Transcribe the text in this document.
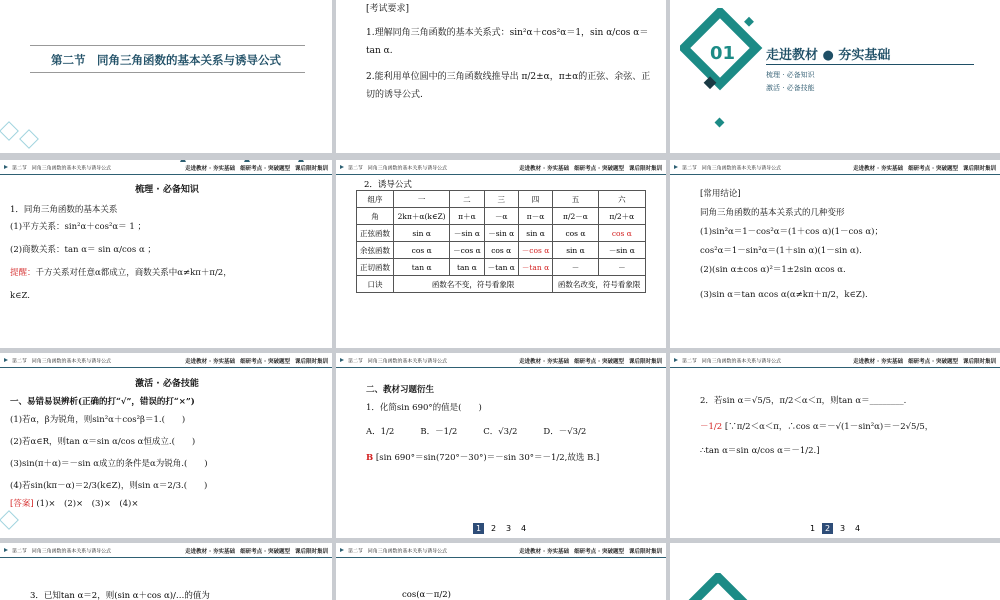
第二节　同角三角函数的基本关系与诱导公式
[考试要求]
1.理解同角三角函数的基本关系式：sin²α＋cos²α＝1，sin α/cos α＝tan α.
2.能利用单位圆中的三角函数线推导出 π/2±α，π±α的正弦、余弦、正切的诱导公式.
01 走进教材 ● 夯实基础
梳理 · 必备知识
激活 · 必备技能
第二节　同角三角函数的基本关系与诱导公式	走进教材 · 夯实基础 细研考点 · 突破题型 课后限时集训
梳理 · 必备知识
1．同角三角函数的基本关系
(1)平方关系：sin²α＋cos²α＝ 1 ；
(2)商数关系：tan α＝ sin α/cos α ；
提醒：千方关系对任意α都成立，商数关系中α≠kπ＋π/2，
k∈Z.
第二节　同角三角函数的基本关系与诱导公式	走进教材 · 夯实基础 细研考点 · 突破题型 课后限时集训
2．诱导公式
组序	一	二	三	四	五	六
角	2kπ＋α(k∈Z)	π＋α	－α	π－α	π/2－α	π/2＋α
正弦函数	sin α	－sin α	－sin α	sin α	cos α	cos α
余弦函数	cos α	－cos α	cos α	－cos α	sin α	－sin α
正切函数	tan α	tan α	－tan α	－tan α	－	－
口诀	函数名不变，符号看象限				函数名改变，符号看象限	
第二节　同角三角函数的基本关系与诱导公式	走进教材 · 夯实基础 细研考点 · 突破题型 课后限时集训
[常用结论]
同角三角函数的基本关系式的几种变形
(1)sin²α＝1－cos²α＝(1＋cos α)(1－cos α)；
cos²α＝1－sin²α＝(1＋sin α)(1－sin α).
(2)(sin α±cos α)²＝1±2sin αcos α.
(3)sin α＝tan αcos α(α≠kπ＋π/2，k∈Z).
第二节　同角三角函数的基本关系与诱导公式	走进教材 · 夯实基础 细研考点 · 突破题型 课后限时集训
激活 · 必备技能
一、易错易误辨析(正确的打“√”，错误的打“×”)
(1)若α，β为锐角，则sin²α＋cos²β＝1.(　　)
(2)若α∈R，则tan α＝sin α/cos α恒成立.(　　)
(3)sin(π＋α)＝－sin α成立的条件是α为锐角.(　　)
(4)若sin(kπ－α)＝2/3(k∈Z)，则sin α＝2/3.(　　)
[答案] (1)×　(2)×　(3)×　(4)×
第二节　同角三角函数的基本关系与诱导公式	走进教材 · 夯实基础 细研考点 · 突破题型 课后限时集训
二、教材习题衍生
1．化简sin 690°的值是(　　)
A．1/2	B．－1/2	C．√3/2	D．－√3/2
B [sin 690°＝sin(720°－30°)＝－sin 30°＝－1/2,故选 B.]
1 2 3 4
第二节　同角三角函数的基本关系与诱导公式	走进教材 · 夯实基础 细研考点 · 突破题型 课后限时集训
2．若sin α＝√5/5，π/2＜α＜π，则tan α＝________.
－1/2 [∵π/2＜α＜π，∴cos α＝－√(1－sin²α)＝－2√5/5，
∴tan α＝sin α/cos α＝－1/2.]
1 2 3 4
第二节　同角三角函数的基本关系与诱导公式	走进教材 · 夯实基础 细研考点 · 突破题型 课后限时集训
3．已知tan α＝2，则(sin α＋cos α)/…的值为
第二节　同角三角函数的基本关系与诱导公式	走进教材 · 夯实基础 细研考点 · 突破题型 课后限时集训
cos(α－π/2)
